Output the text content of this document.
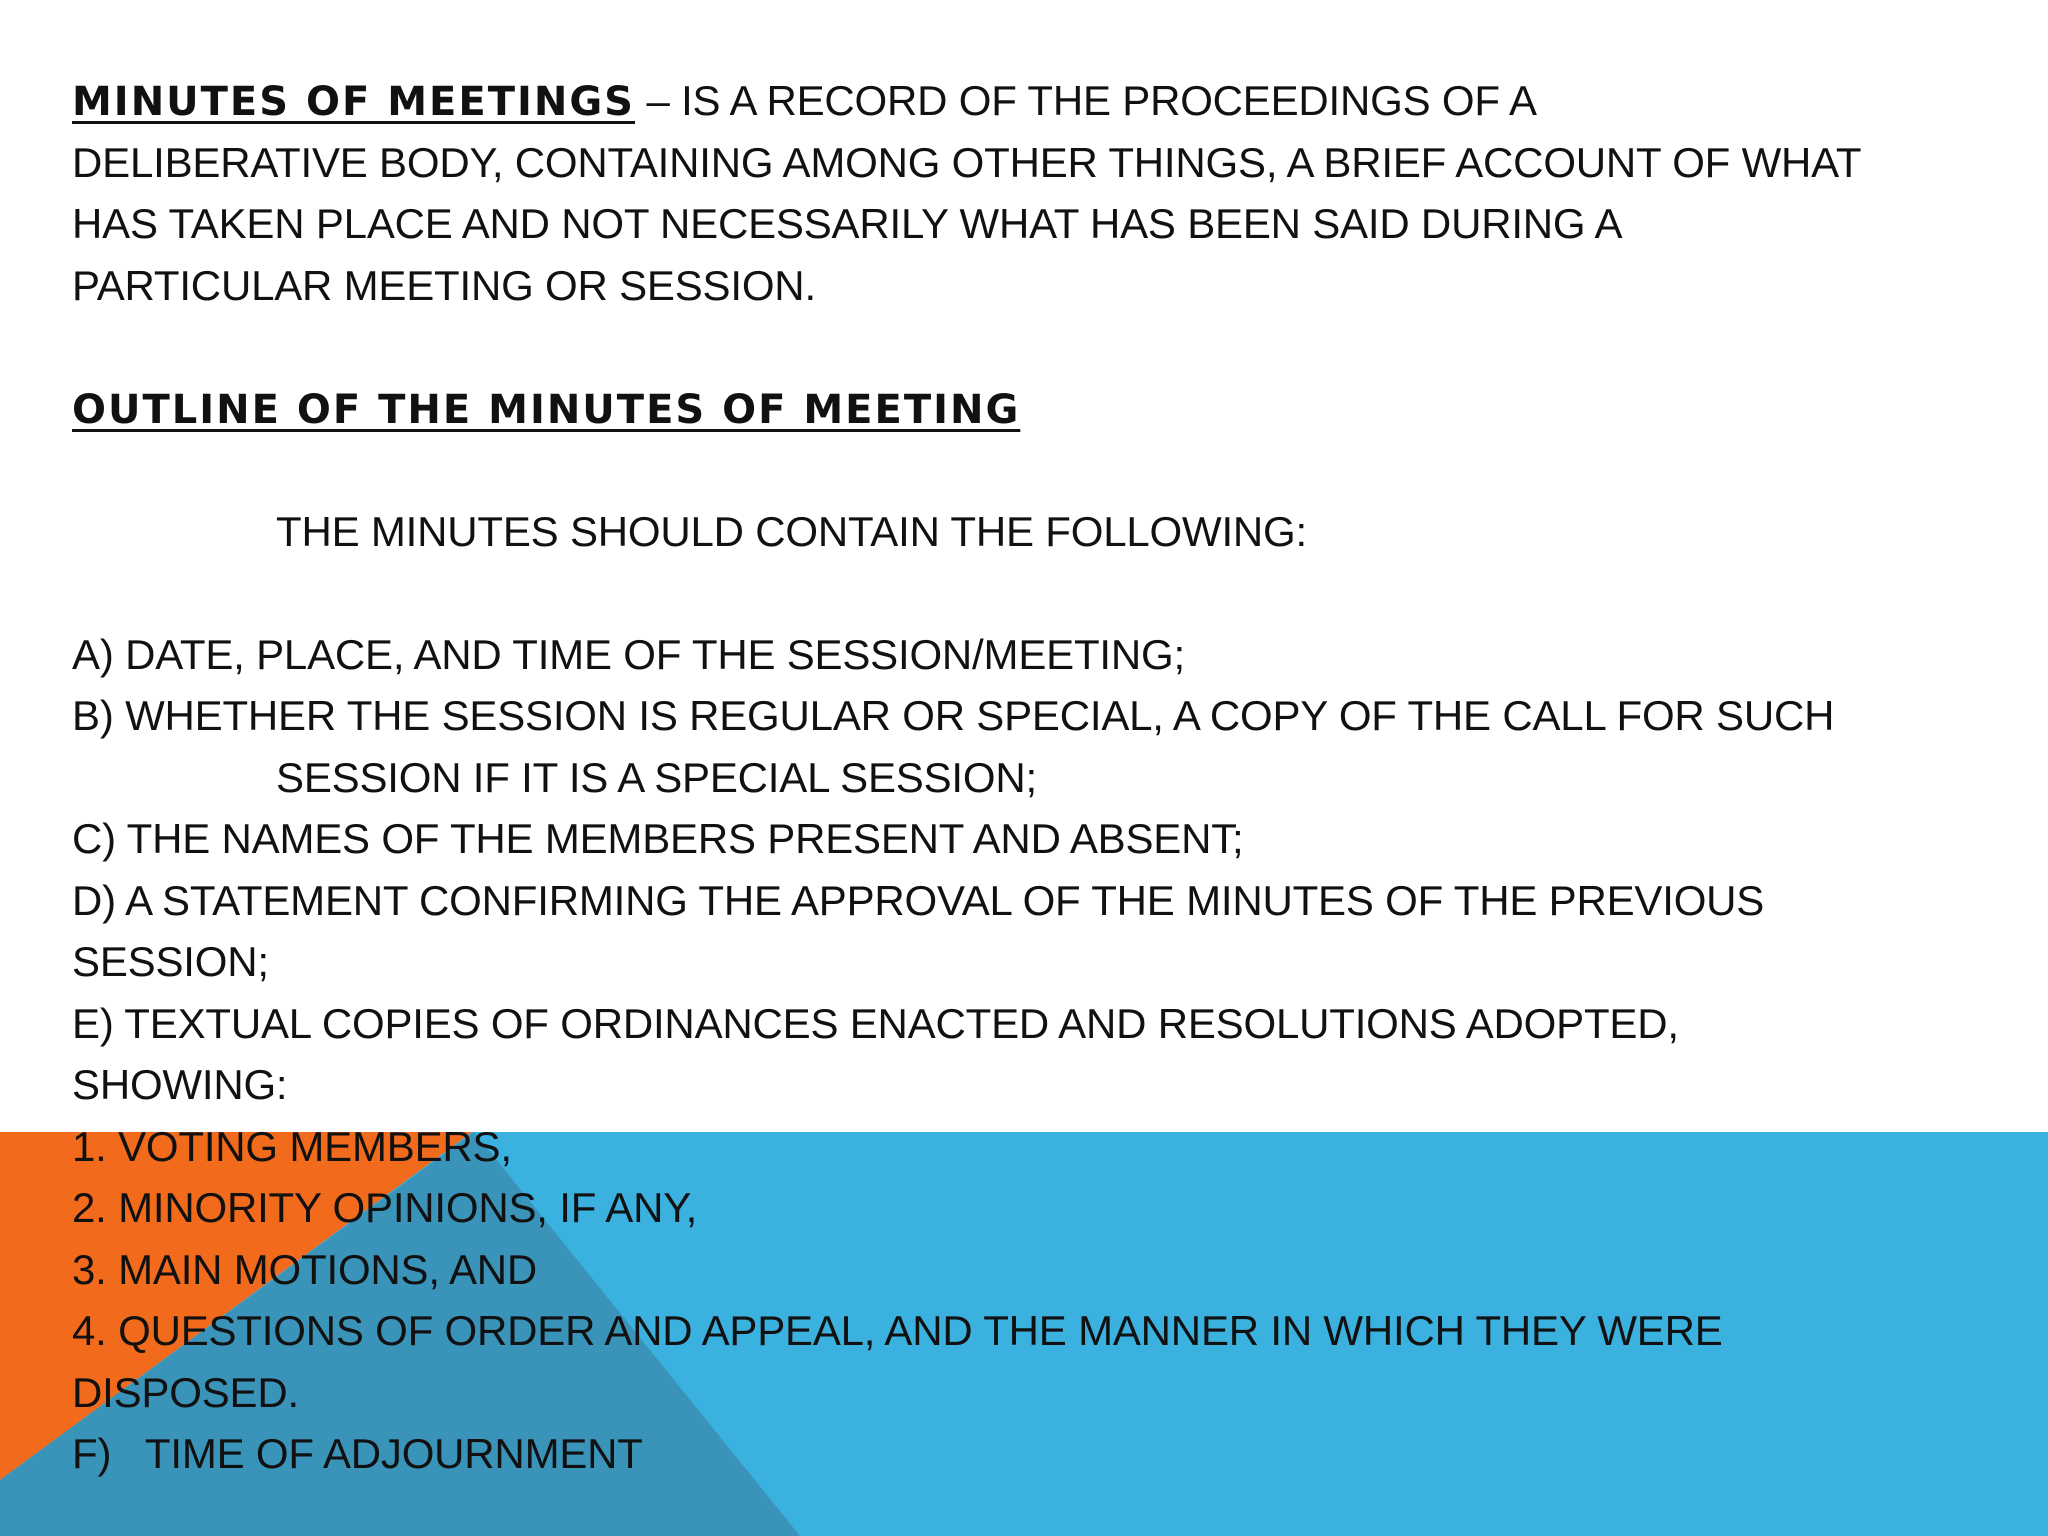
MINUTES OF MEETINGS – IS A RECORD OF THE PROCEEDINGS OF A
DELIBERATIVE BODY, CONTAINING AMONG OTHER THINGS, A BRIEF ACCOUNT OF WHAT
HAS TAKEN PLACE AND NOT NECESSARILY WHAT HAS BEEN SAID DURING A
PARTICULAR MEETING OR SESSION.
OUTLINE OF THE MINUTES OF MEETING
THE MINUTES SHOULD CONTAIN THE FOLLOWING:
A) DATE, PLACE, AND TIME OF THE SESSION/MEETING;
B) WHETHER THE SESSION IS REGULAR OR SPECIAL, A COPY OF THE CALL FOR SUCH
SESSION IF IT IS A SPECIAL SESSION;
C) THE NAMES OF THE MEMBERS PRESENT AND ABSENT;
D) A STATEMENT CONFIRMING THE APPROVAL OF THE MINUTES OF THE PREVIOUS
SESSION;
E) TEXTUAL COPIES OF ORDINANCES ENACTED AND RESOLUTIONS ADOPTED,
SHOWING:
1. VOTING MEMBERS,
2. MINORITY OPINIONS, IF ANY,
3. MAIN MOTIONS, AND
4. QUESTIONS OF ORDER AND APPEAL, AND THE MANNER IN WHICH THEY WERE
DISPOSED.
F)   TIME OF ADJOURNMENT
